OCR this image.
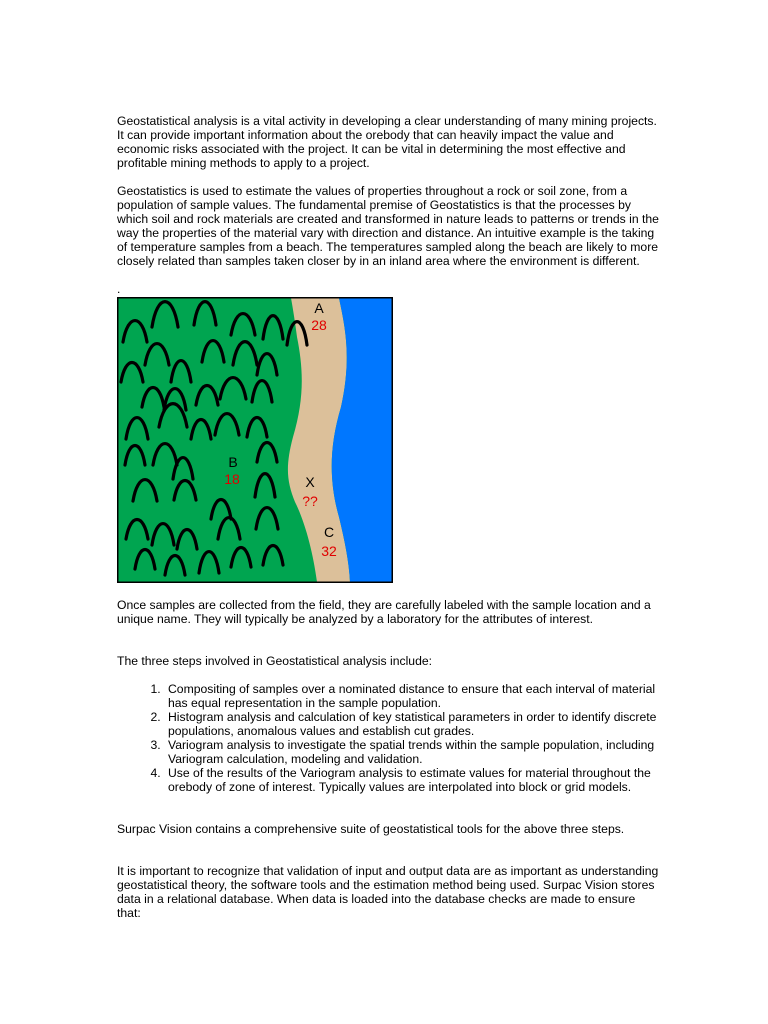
Geostatistical analysis is a vital activity in developing a clear understanding of many mining projects. It can provide important information about the orebody that can heavily impact the value and economic risks associated with the project. It can be vital in determining the most effective and profitable mining methods to apply to a project.

Geostatistics is used to estimate the values of properties throughout a rock or soil zone, from a population of sample values. The fundamental premise of Geostatistics is that the processes by which soil and rock materials are created and transformed in nature leads to patterns or trends in the way the properties of the material vary with direction and distance. An intuitive example is the taking of temperature samples from a beach. The temperatures sampled along the beach are likely to more closely related than samples taken closer by in an inland area where the environment is different.

.
A
28
B
18	X
??
C
32

Once samples are collected from the field, they are carefully labeled with the sample location and a unique name. They will typically be analyzed by a laboratory for the attributes of interest.

The three steps involved in Geostatistical analysis include:

1. Compositing of samples over a nominated distance to ensure that each interval of material has equal representation in the sample population.
2. Histogram analysis and calculation of key statistical parameters in order to identify discrete populations, anomalous values and establish cut grades.
3. Variogram analysis to investigate the spatial trends within the sample population, including Variogram calculation, modeling and validation.
4. Use of the results of the Variogram analysis to estimate values for material throughout the orebody of zone of interest. Typically values are interpolated into block or grid models.

Surpac Vision contains a comprehensive suite of geostatistical tools for the above three steps.

It is important to recognize that validation of input and output data are as important as understanding geostatistical theory, the software tools and the estimation method being used. Surpac Vision stores data in a relational database. When data is loaded into the database checks are made to ensure that:
